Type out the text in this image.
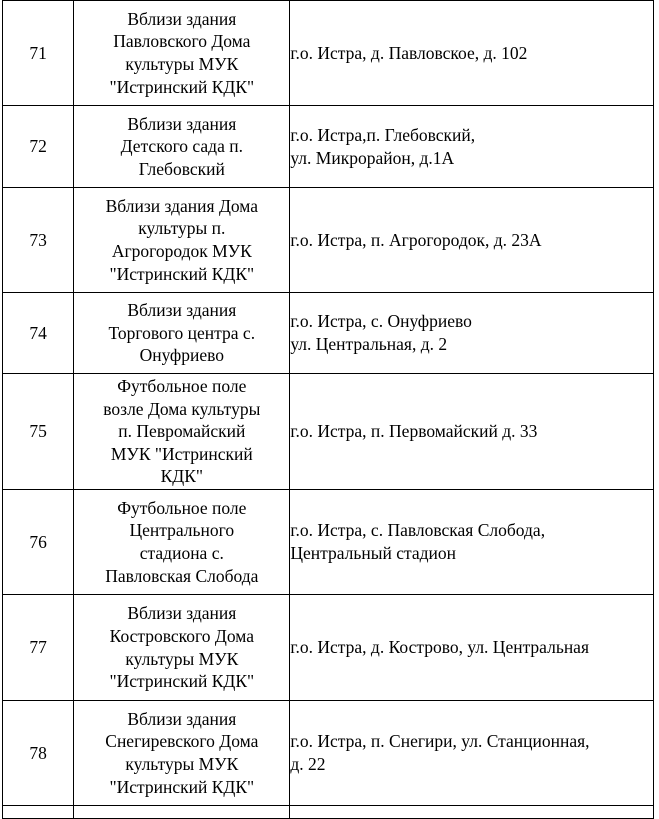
71	Вблизи здания
Павловского Дома
культуры МУК
"Истринский КДК"	г.о. Истра, д. Павловское, д. 102

72	Вблизи здания
Детского сада п.
Глебовский	г.о. Истра,п. Глебовский,
ул. Микрорайон, д.1А

73	Вблизи здания Дома
культуры п.
Агрогородок МУК
"Истринский КДК"	г.о. Истра, п. Агрогородок, д. 23А

74	Вблизи здания
Торгового центра с.
Онуфриево	г.о. Истра, с. Онуфриево
ул. Центральная, д. 2

75	Футбольное поле
возле Дома культуры
п. Певромайский
МУК "Истринский
КДК"	г.о. Истра, п. Первомайский д. 33

76	Футбольное поле
Центрального
стадиона с.
Павловская Слобода	г.о. Истра, с. Павловская Слобода,
Центральный стадион

77	Вблизи здания
Костровского Дома
культуры МУК
"Истринский КДК"	г.о. Истра, д. Кострово, ул. Центральная

78	Вблизи здания
Снегиревского Дома
культуры МУК
"Истринский КДК"	г.о. Истра, п. Снегири, ул. Станционная,
д. 22
